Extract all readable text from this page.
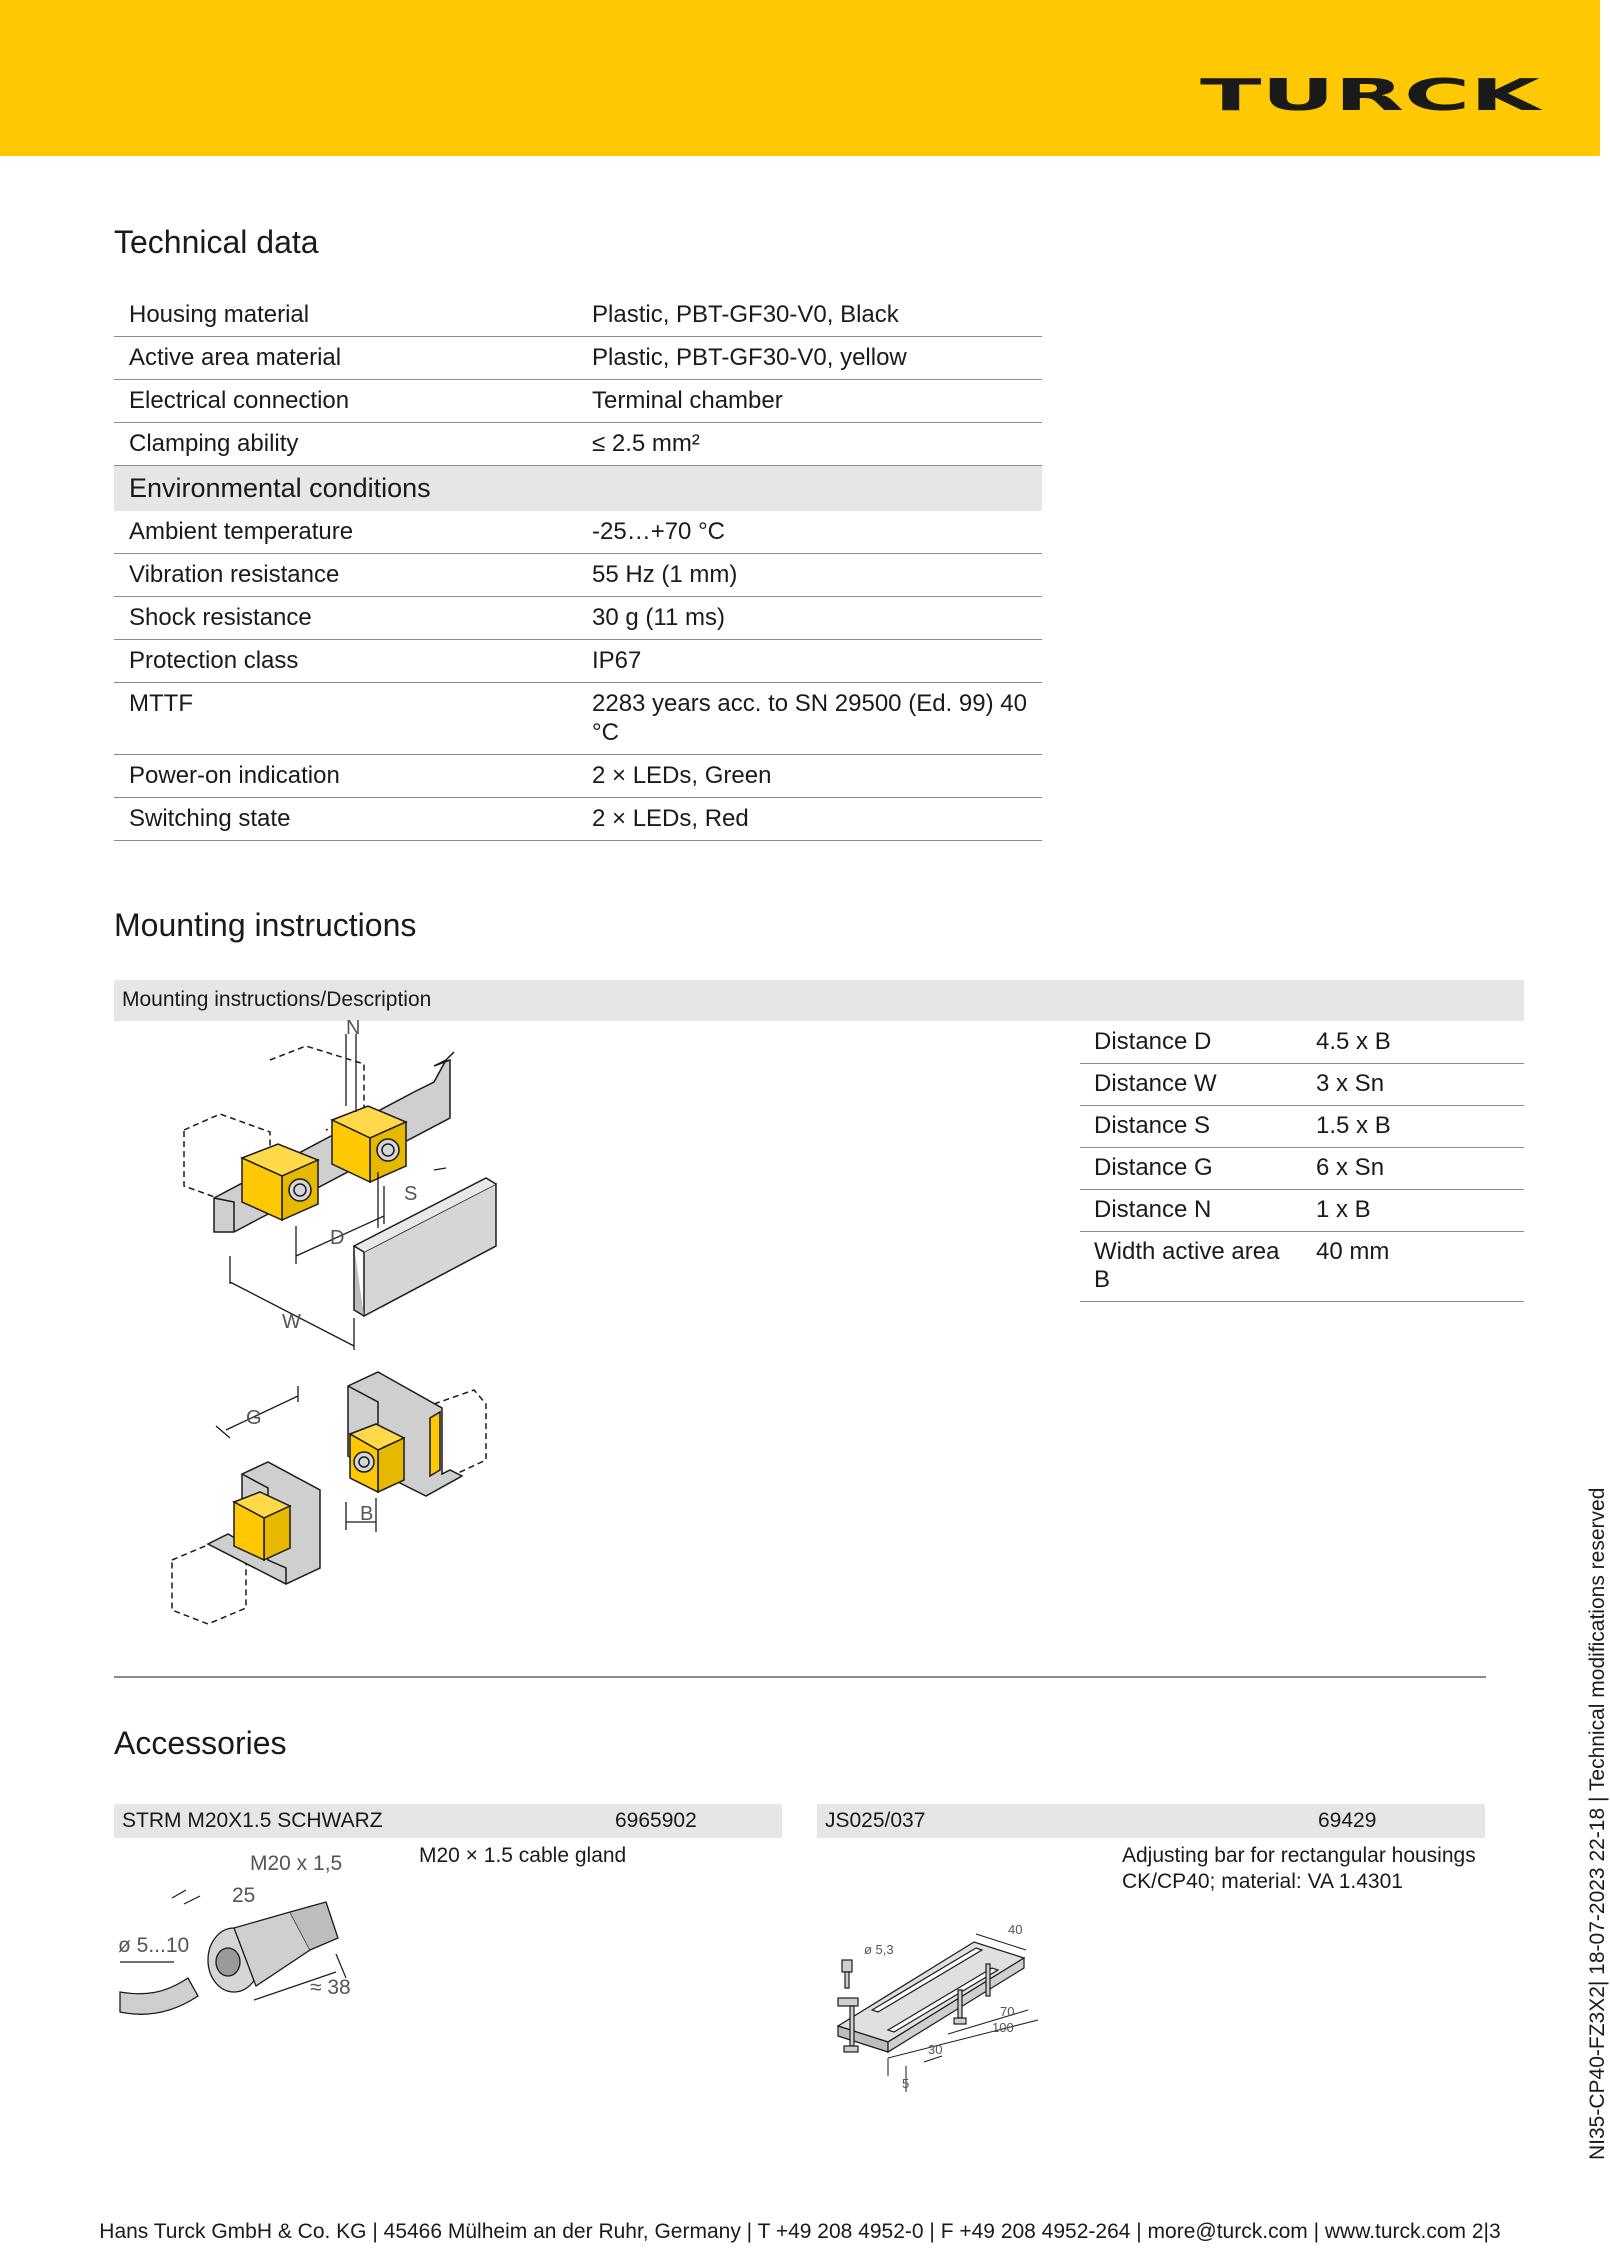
TURCK
Technical data
Housing material	Plastic, PBT-GF30-V0, Black
Active area material	Plastic, PBT-GF30-V0, yellow
Electrical connection	Terminal chamber
Clamping ability	≤ 2.5 mm²
Environmental conditions	
Ambient temperature	-25…+70 °C
Vibration resistance	55 Hz (1 mm)
Shock resistance	30 g (11 ms)
Protection class	IP67
MTTF	2283 years acc. to SN 29500 (Ed. 99) 40 °C
Power-on indication	2 × LEDs, Green
Switching state	2 × LEDs, Red
Mounting instructions
Mounting instructions/Description
N
S
D
W
G
B
Distance D	4.5 x B
Distance W	3 x Sn
Distance S	1.5 x B
Distance G	6 x Sn
Distance N	1 x B
Width active area B	40 mm
Accessories
STRM M20X1.5 SCHWARZ	6965902	JS025/037	69429
M20 × 1.5 cable gland	Adjusting bar for rectangular housings CK/CP40; material: VA 1.4301
M20 x 1,5
25
ø 5...10
≈ 38
ø 5,3
40
70
100
30
5	NI35-CP40-FZ3X2| 18-07-2023 22-18 | Technical modifications reserved
Hans Turck GmbH & Co. KG | 45466 Mülheim an der Ruhr, Germany | T +49 208 4952-0 | F +49 208 4952-264 | more@turck.com | www.turck.com 2|3
